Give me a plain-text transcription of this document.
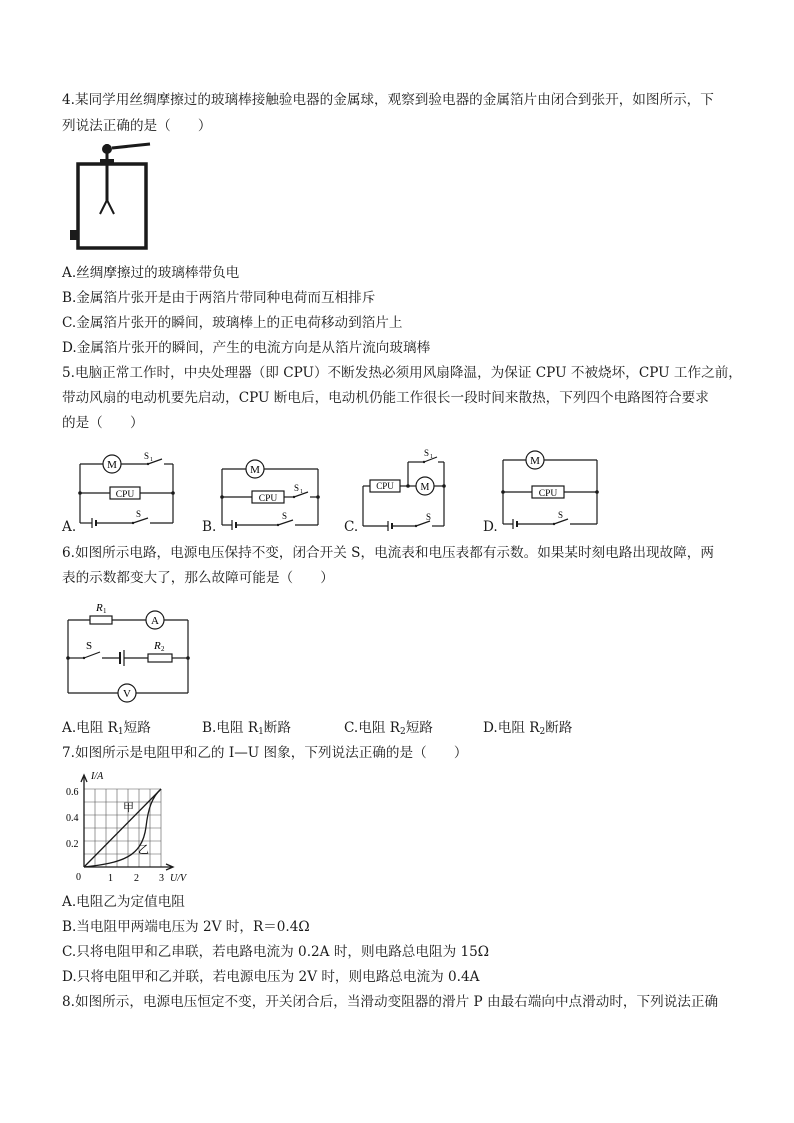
4.某同学用丝绸摩擦过的玻璃棒接触验电器的金属球，观察到验电器的金属箔片由闭合到张开，如图所示，下
列说法正确的是（　　）
A.丝绸摩擦过的玻璃棒带负电
B.金属箔片张开是由于两箔片带同种电荷而互相排斥
C.金属箔片张开的瞬间，玻璃棒上的正电荷移动到箔片上
D.金属箔片张开的瞬间，产生的电流方向是从箔片流向玻璃棒
5.电脑正常工作时，中央处理器（即 CPU）不断发热必须用风扇降温，为保证 CPU 不被烧坏，CPU 工作之前，
带动风扇的电动机要先启动，CPU 断电后，电动机仍能工作很长一段时间来散热，下列四个电路图符合要求
的是（　　）
M
CPU
S 1
S
A.
M
CPU
S 1
S
B.
CPU	M
S 1
S
C.
M
CPU
S
D.
6.如图所示电路，电源电压保持不变，闭合开关 S，电流表和电压表都有示数。如果某时刻电路出现故障，两
表的示数都变大了，那么故障可能是（　　）
R 1
A
S	R 2
V
A.电阻 $R_1$短路	B.电阻 $R_1$断路	C.电阻 $R_2$短路	D.电阻 $R_2$断路
7.如图所示是电阻甲和乙的 I—U 图象，下列说法正确的是（　　）
I/A
U/V
0
0.2
0.4
0.6
1 2 3
甲
乙
A.电阻乙为定值电阻
B.当电阻甲两端电压为 2V 时，R＝0.4Ω
C.只将电阻甲和乙串联，若电路电流为 0.2A 时，则电路总电阻为 15Ω
D.只将电阻甲和乙并联，若电源电压为 2V 时，则电路总电流为 0.4A
8.如图所示，电源电压恒定不变，开关闭合后，当滑动变阻器的滑片 P 由最右端向中点滑动时，下列说法正确
